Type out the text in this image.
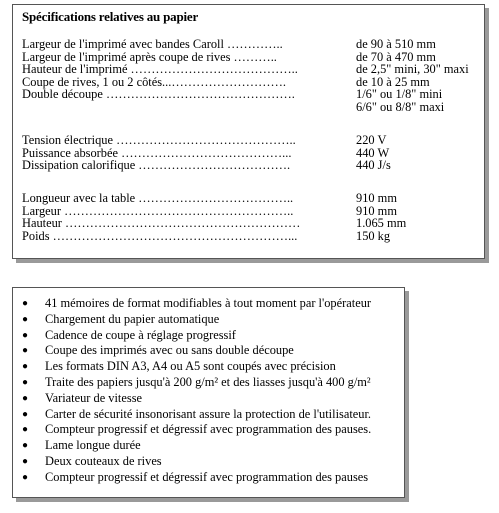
Spécifications relatives au papier
Largeur de l'imprimé avec bandes Caroll …………..	de 90 à 510 mm
Largeur de l'imprimé après coupe de rives ………..	de 70 à 470 mm
Hauteur de l'imprimé …………………………………..	de 2,5" mini, 30" maxi
Coupe de rives, 1 ou 2 côtés...……………………….	de 10 à 25 mm
Double découpe ……………………………………….	1/6" ou 1/8" mini
6/6" ou 8/8" maxi
Tension électrique ……………………………………..	220 V
Puissance absorbée …………………………………...	440 W
Dissipation calorifique ……………………………….	440 J/s
Longueur avec la table ………………………………..	910 mm
Largeur ………………………………………………..	910 mm
Hauteur …………………………………………………	1.065 mm
Poids …………………………………………………...	150 kg
● 41 mémoires de format modifiables à tout moment par l'opérateur
● Chargement du papier automatique
● Cadence de coupe à réglage progressif
● Coupe des imprimés avec ou sans double découpe
● Les formats DIN A3, A4 ou A5 sont coupés avec précision
● Traite des papiers jusqu'à 200 g/m² et des liasses jusqu'à 400 g/m²
● Variateur de vitesse
● Carter de sécurité insonorisant assure la protection de l'utilisateur.
● Compteur progressif et dégressif avec programmation des pauses.
● Lame longue durée
● Deux couteaux de rives
● Compteur progressif et dégressif avec programmation des pauses
